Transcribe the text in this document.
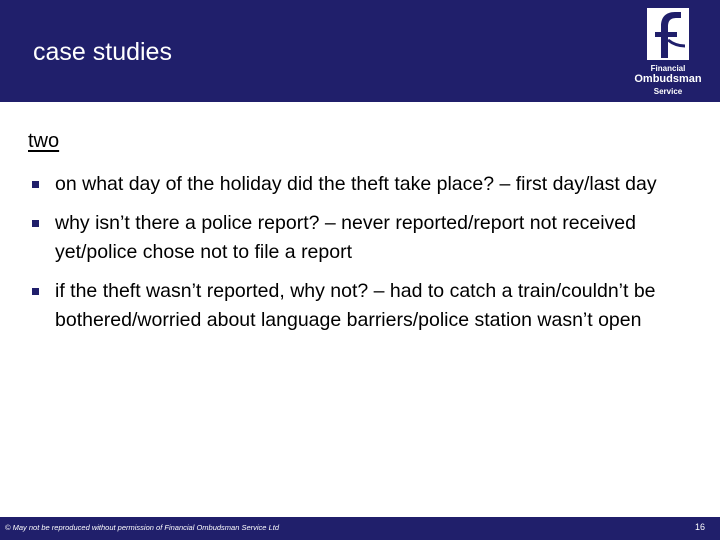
case studies
Financial
Ombudsman
Service
two
on what day of the holiday did the theft take place? – first day/last day
why isn’t there a police report? – never reported/report not received yet/police chose not to file a report
if the theft wasn’t reported, why not? – had to catch a train/couldn’t be bothered/worried about language barriers/police station wasn’t open
© May not be reproduced without permission of Financial Ombudsman Service Ltd	16
